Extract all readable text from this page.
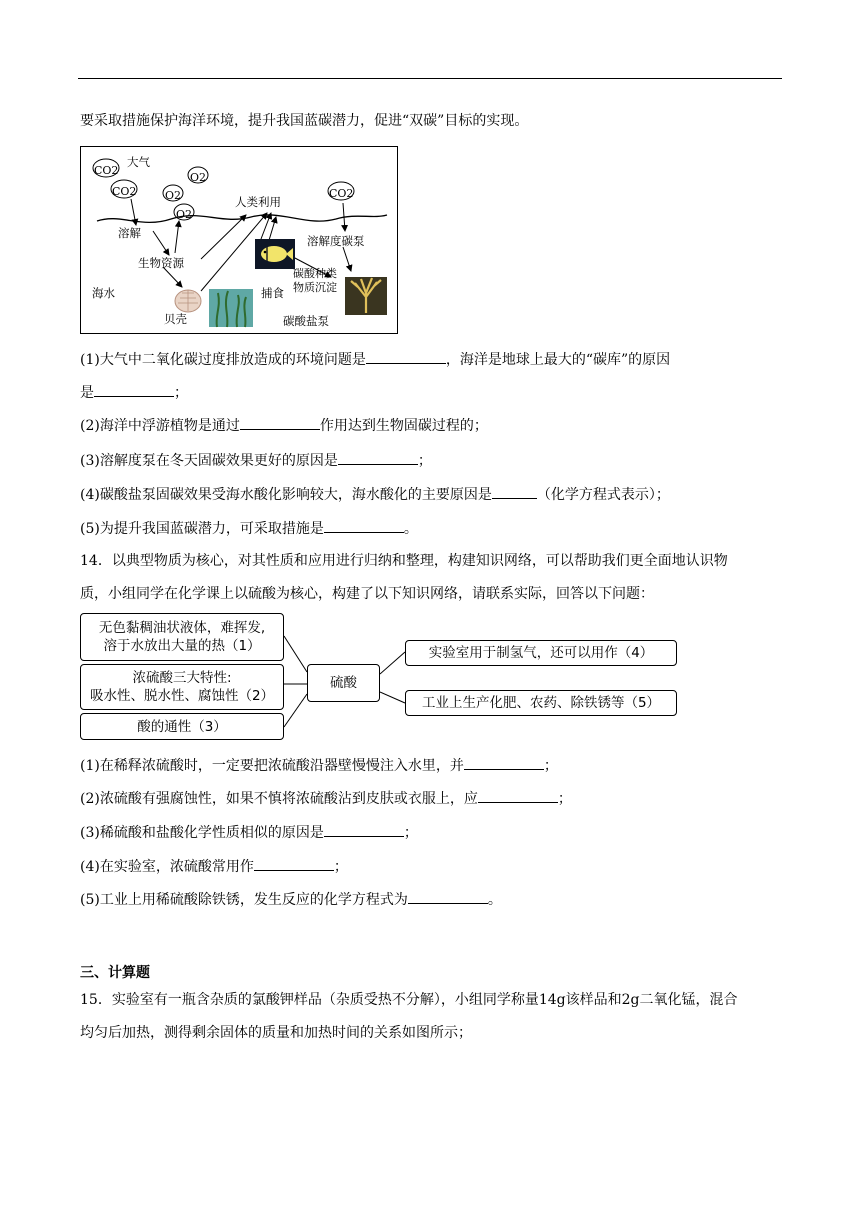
要采取措施保护海洋环境，提升我国蓝碳潜力，促进“双碳”目标的实现。
CO2
CO2	O2
O2
O2
CO2
大气
人类利用
溶解
生物资源
溶解度碳泵
海水
贝壳
捕食
碳酸种类
物质沉淀
碳酸盐泵
(1)大气中二氧化碳过度排放造成的环境问题是	，海洋是地球上最大的“碳库”的原因
是	；
(2)海洋中浮游植物是通过	作用达到生物固碳过程的；
(3)溶解度泵在冬天固碳效果更好的原因是	；
(4)碳酸盐泵固碳效果受海水酸化影响较大，海水酸化的主要原因是	（化学方程式表示）；
(5)为提升我国蓝碳潜力，可采取措施是	。
14．以典型物质为核心，对其性质和应用进行归纳和整理，构建知识网络，可以帮助我们更全面地认识物
质，小组同学在化学课上以硫酸为核心，构建了以下知识网络，请联系实际，回答以下问题：
无色黏稠油状液体，难挥发,
溶于水放出大量的热（1）
浓硫酸三大特性:
吸水性、脱水性、腐蚀性（2）
酸的通性（3）
硫酸
实验室用于制氢气，还可以用作（4）
工业上生产化肥、农药、除铁锈等（5）
(1)在稀释浓硫酸时，一定要把浓硫酸沿器壁慢慢注入水里，并	；
(2)浓硫酸有强腐蚀性，如果不慎将浓硫酸沾到皮肤或衣服上，应	；
(3)稀硫酸和盐酸化学性质相似的原因是	；
(4)在实验室，浓硫酸常用作	；
(5)工业上用稀硫酸除铁锈，发生反应的化学方程式为	。
三、计算题
15．实验室有一瓶含杂质的氯酸钾样品（杂质受热不分解），小组同学称量14g该样品和2g二氧化锰，混合
均匀后加热，测得剩余固体的质量和加热时间的关系如图所示；
